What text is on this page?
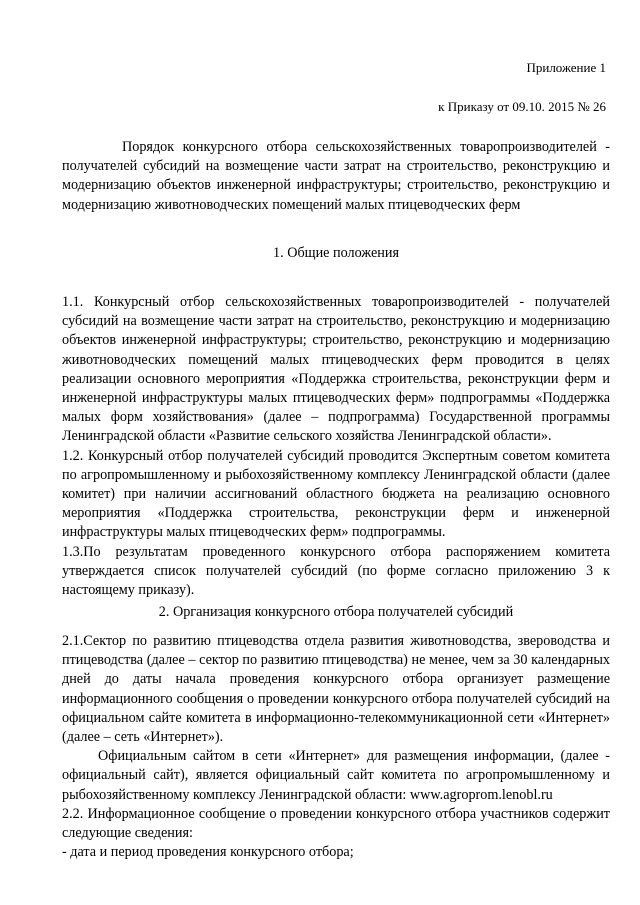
Приложение 1
к Приказу от 09.10. 2015 № 26
Порядок конкурсного отбора сельскохозяйственных товаропроизводителей - получателей субсидий на возмещение части затрат на строительство, реконструкцию и модернизацию объектов инженерной инфраструктуры; строительство, реконструкцию и модернизацию животноводческих помещений малых птицеводческих ферм
1. Общие положения

1.1. Конкурсный отбор сельскохозяйственных товаропроизводителей - получателей субсидий на возмещение части затрат на строительство, реконструкцию и модернизацию объектов инженерной инфраструктуры; строительство, реконструкцию и модернизацию животноводческих помещений малых птицеводческих ферм проводится в целях реализации основного мероприятия «Поддержка строительства, реконструкции ферм и инженерной инфраструктуры малых птицеводческих ферм» подпрограммы «Поддержка малых форм хозяйствования» (далее – подпрограмма) Государственной программы Ленинградской области «Развитие сельского хозяйства Ленинградской области».

1.2. Конкурсный отбор получателей субсидий проводится Экспертным советом комитета по агропромышленному и рыбохозяйственному комплексу Ленинградской области (далее комитет) при наличии ассигнований областного бюджета на реализацию основного мероприятия «Поддержка строительства, реконструкции ферм и инженерной инфраструктуры малых птицеводческих ферм» подпрограммы.

1.3.По результатам проведенного конкурсного отбора распоряжением комитета утверждается список получателей субсидий (по форме согласно приложению 3 к настоящему приказу).

2. Организация конкурсного отбора получателей субсидий

2.1.Сектор по развитию птицеводства отдела развития животноводства, звероводства и птицеводства (далее – сектор по развитию птицеводства) не менее, чем за 30 календарных дней до даты начала проведения конкурсного отбора организует размещение информационного сообщения о проведении конкурсного отбора получателей субсидий на официальном сайте комитета в информационно-телекоммуникационной сети «Интернет» (далее – сеть «Интернет»).

Официальным сайтом в сети «Интернет» для размещения информации, (далее - официальный сайт), является официальный сайт комитета по агропромышленному и рыбохозяйственному комплексу Ленинградской области: www.agroprom.lenobl.ru

2.2. Информационное сообщение о проведении конкурсного отбора участников содержит следующие сведения:

- дата и период проведения конкурсного отбора;
